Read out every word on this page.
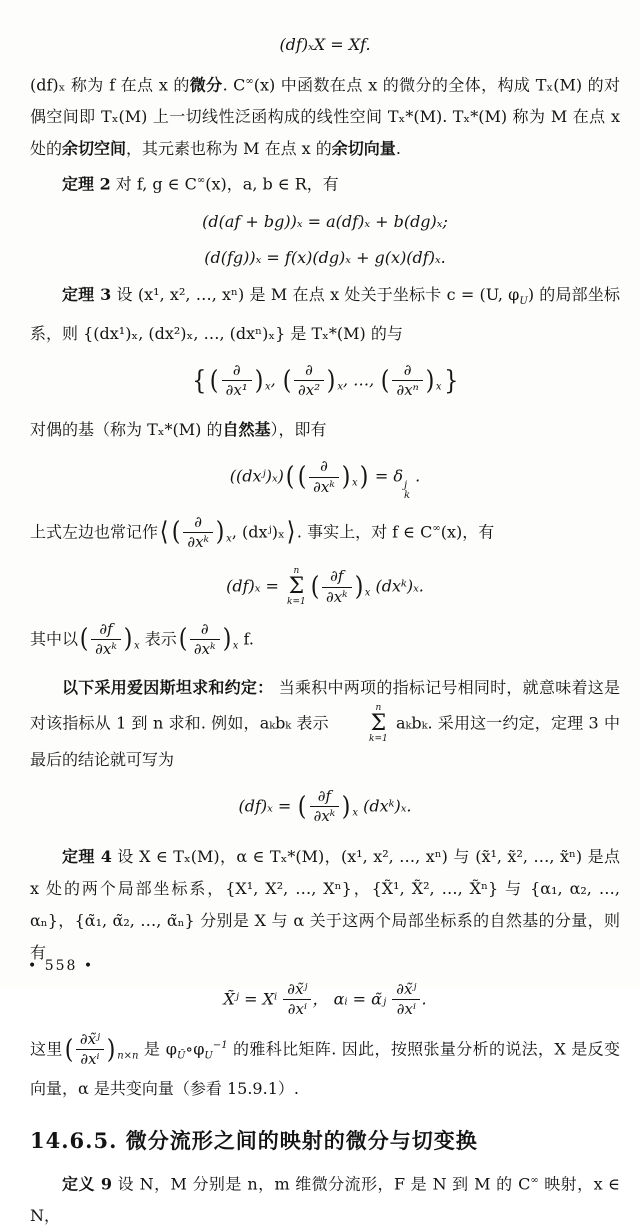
(df)ₓX = Xf.

(df)ₓ 称为 f 在点 x 的微分. C∞(x) 中函数在点 x 的微分的全体，构成 Tₓ(M) 的对偶空间即 Tₓ(M) 上一切线性泛函构成的线性空间 Tₓ*(M). Tₓ*(M) 称为 M 在点 x 处的余切空间，其元素也称为 M 在点 x 的余切向量.

定理 2 对 f, g ∈ C∞(x)，a, b ∈ R，有

(d(af + bg))ₓ = a(df)ₓ + b(dg)ₓ;
(d(fg))ₓ = f(x)(dg)ₓ + g(x)(df)ₓ.

定理 3 设 (x¹, x², …, xⁿ) 是 M 在点 x 处关于坐标卡 c = (U, $\varphi_U$) 的局部坐标系，则 {(dx¹)ₓ, (dx²)ₓ, …, (dxⁿ)ₓ} 是 Tₓ*(M) 的与

{ ( $\frac{\partial}{\text{∂x¹}}$ ) $_x$, ( $\frac{\partial}{\text{∂x²}}$ ) $_x$, …, ( $\frac{\partial}{\text{∂xⁿ}}$ ) $_x$}

对偶的基（称为 Tₓ*(M) 的自然基），即有

((dxʲ)ₓ)( ( $\frac{\partial}{\text{∂xᵏ}}$ ) $_x$) = δ j
k
.

上式左边也常记作⟨ ( $\frac{\partial}{\text{∂xᵏ}}$ ) $_x$, (dxʲ)ₓ⟩ . 事实上，对 f ∈ C∞(x)，有

(df)ₓ =
n
Σ
k=1 ( $\frac{\partial f}{\text{∂xᵏ}}$ ) $_x$ (dxᵏ)ₓ.

其中以( $\frac{\partial f}{\text{∂xᵏ}}$ ) $_x$ 表示( $\frac{\partial}{\text{∂xᵏ}}$ ) $_x$ f.

以下采用爱因斯坦求和约定： 当乘积中两项的指标记号相同时，就意味着这是对该指标从 1 到 n 求和. 例如，aₖbₖ 表示
n
Σ
k=1
aₖbₖ. 采用这一约定，定理 3 中最后的结论就可写为

(df)ₓ = ( $\frac{\partial f}{\text{∂xᵏ}}$ ) $_x$ (dxᵏ)ₓ.

定理 4 设 X ∈ Tₓ(M)，α ∈ Tₓ*(M)，(x¹, x², …, xⁿ) 与 (x̃¹, x̃², …, x̃ⁿ) 是点 x 处的两个局部坐标系，{X¹, X², …, Xⁿ}，{X̃¹, X̃², …, X̃ⁿ} 与 {α₁, α₂, …, αₙ}，{α̃₁, α̃₂, …, α̃ₙ} 分别是 X 与 α 关于这两个局部坐标系的自然基的分量，则有

X̃ʲ = Xⁱ $\frac{\text{∂x̃ʲ}}{\text{∂xⁱ}}$ ， αᵢ = α̃ⱼ $\frac{\text{∂x̃ʲ}}{\text{∂xⁱ}}$ .

这里( $\frac{\text{∂x̃ʲ}}{\text{∂xⁱ}}$ ) $_{n\times n}$ 是 $\varphi_Ũ\circ\varphi_U^{-1}$ 的雅科比矩阵. 因此，按照张量分析的说法，X 是反变向量，α 是共变向量（参看 15.9.1）.

14.6.5. 微分流形之间的映射的微分与切变换

定义 9 设 N，M 分别是 n，m 维微分流形，F 是 N 到 M 的 C∞ 映射，x ∈ N，

• 558 •
